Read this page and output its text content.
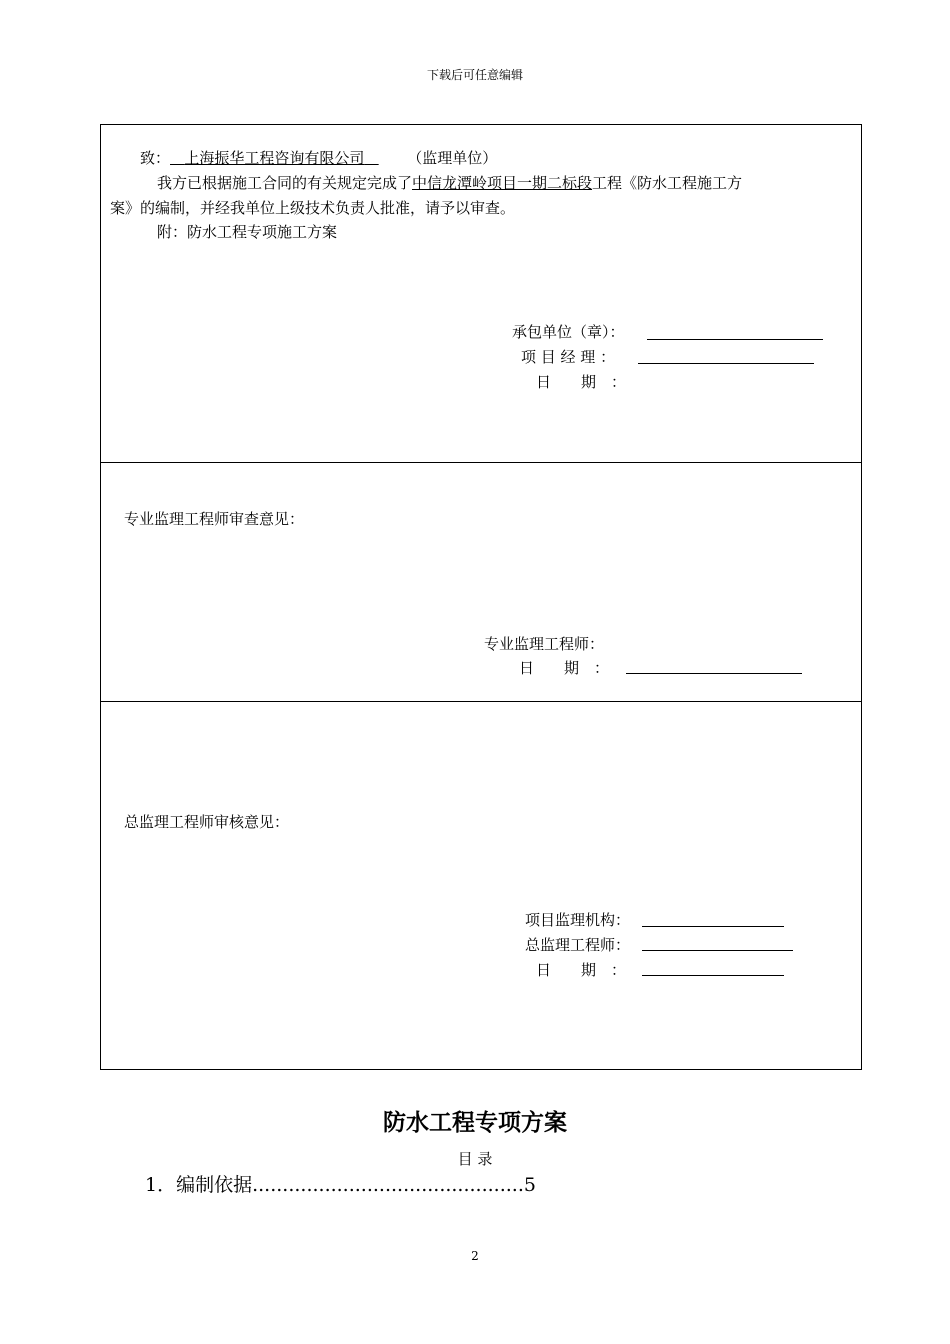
下载后可任意编辑
致： 上海振华工程咨询有限公司	（监理单位）
我方已根据施工合同的有关规定完成了中信龙潭岭项目一期二标段工程《防水工程施工方
案》的编制，并经我单位上级技术负责人批准，请予以审查。
附：防水工程专项施工方案
承包单位（章）：
项 目 经 理 ：
日　　期　：
专业监理工程师审查意见：
专业监理工程师：
日　　期　：
总监理工程师审核意见：
项目监理机构：
总监理工程师：
日　　期　：
防水工程专项方案
目 录
1．编制依据.............................................5
2
